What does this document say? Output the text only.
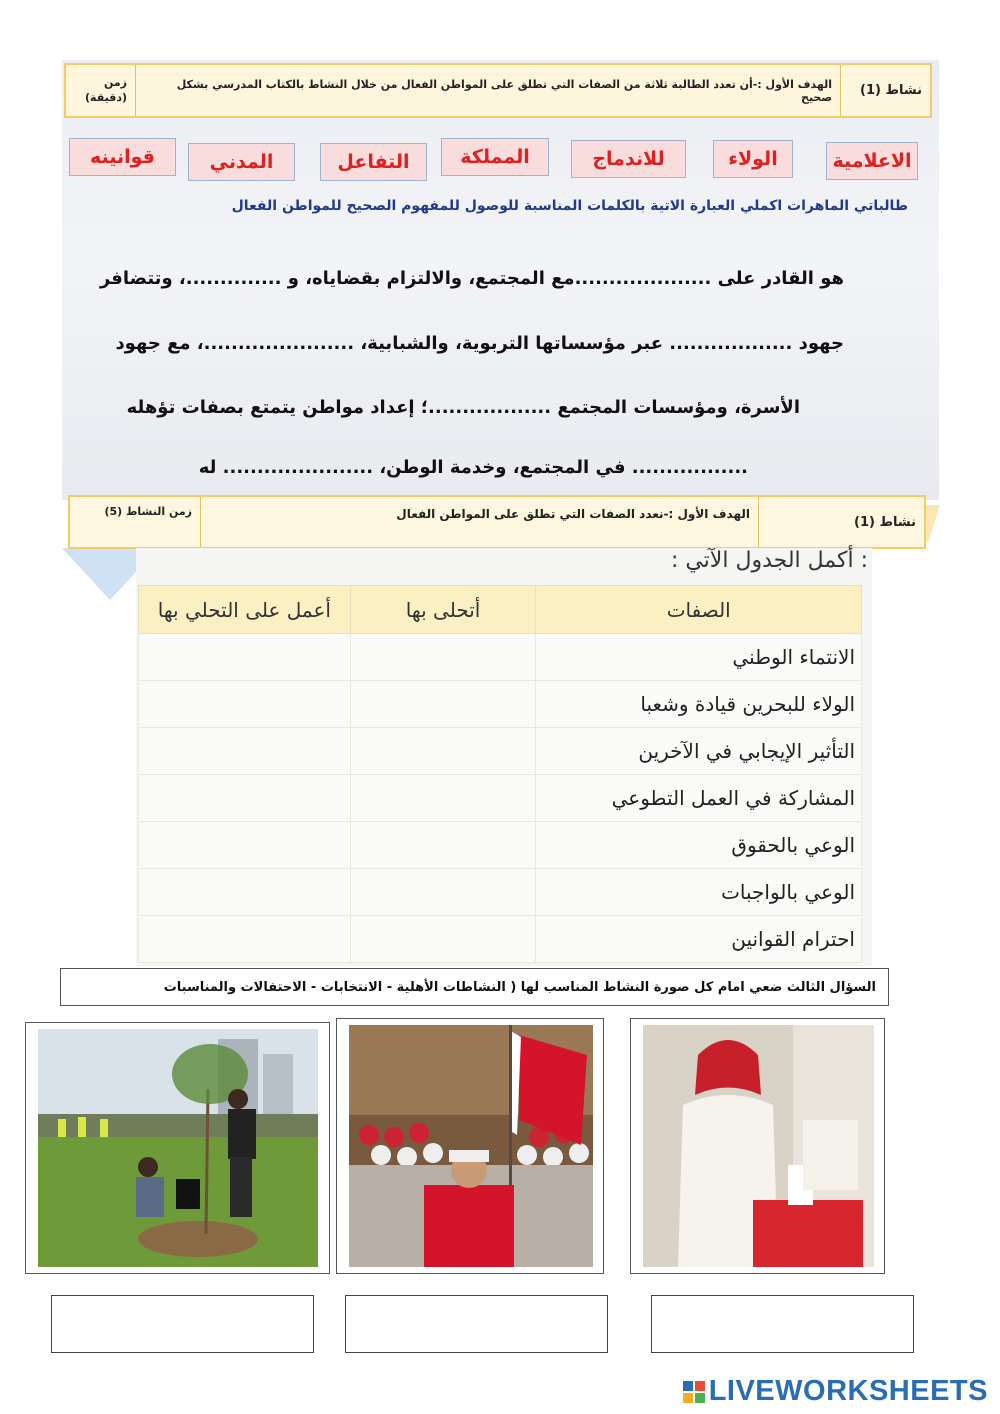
نشاط (1)
الهدف الأول :-أن تعدد الطالبة ثلاثة من الصفات التي تطلق على المواطن الفعال من خلال النشاط بالكتاب المدرسي بشكل صحيح
زمن (دقيقة)
الاعلامية
الولاء
للاندماج
المملكة
التفاعل
المدني
قوانينه
طالباتي الماهرات اكملي العبارة الاتية بالكلمات المناسبة للوصول للمفهوم الصحيح للمواطن الفعال
هو القادر على ....................مع المجتمع، والالتزام بقضاياه، و ..............، وتتضافر
جهود .................. عبر مؤسساتها التربوية، والشبابية، ......................، مع جهود
الأسرة، ومؤسسات المجتمع ..................؛ إعداد مواطن يتمتع بصفات تؤهله
................. في المجتمع، وخدمة الوطن، ...................... له
نشاط (1)
الهدف الأول :-نعدد الصفات التي تطلق على المواطن الفعال
زمن النشاط (5)
: أكمل الجدول الآتي :
الصفات	أتحلى بها	أعمل على التحلي بها
الانتماء الوطني		
الولاء للبحرين قيادة وشعبا		
التأثير الإيجابي في الآخرين		
المشاركة في العمل التطوعي		
الوعي بالحقوق		
الوعي بالواجبات		
احترام القوانين		
السؤال الثالث ضعي امام كل صورة النشاط المناسب لها ( النشاطات الأهلية - الانتخابات - الاحتفالات والمناسبات
LIVEWORKSHEETS
